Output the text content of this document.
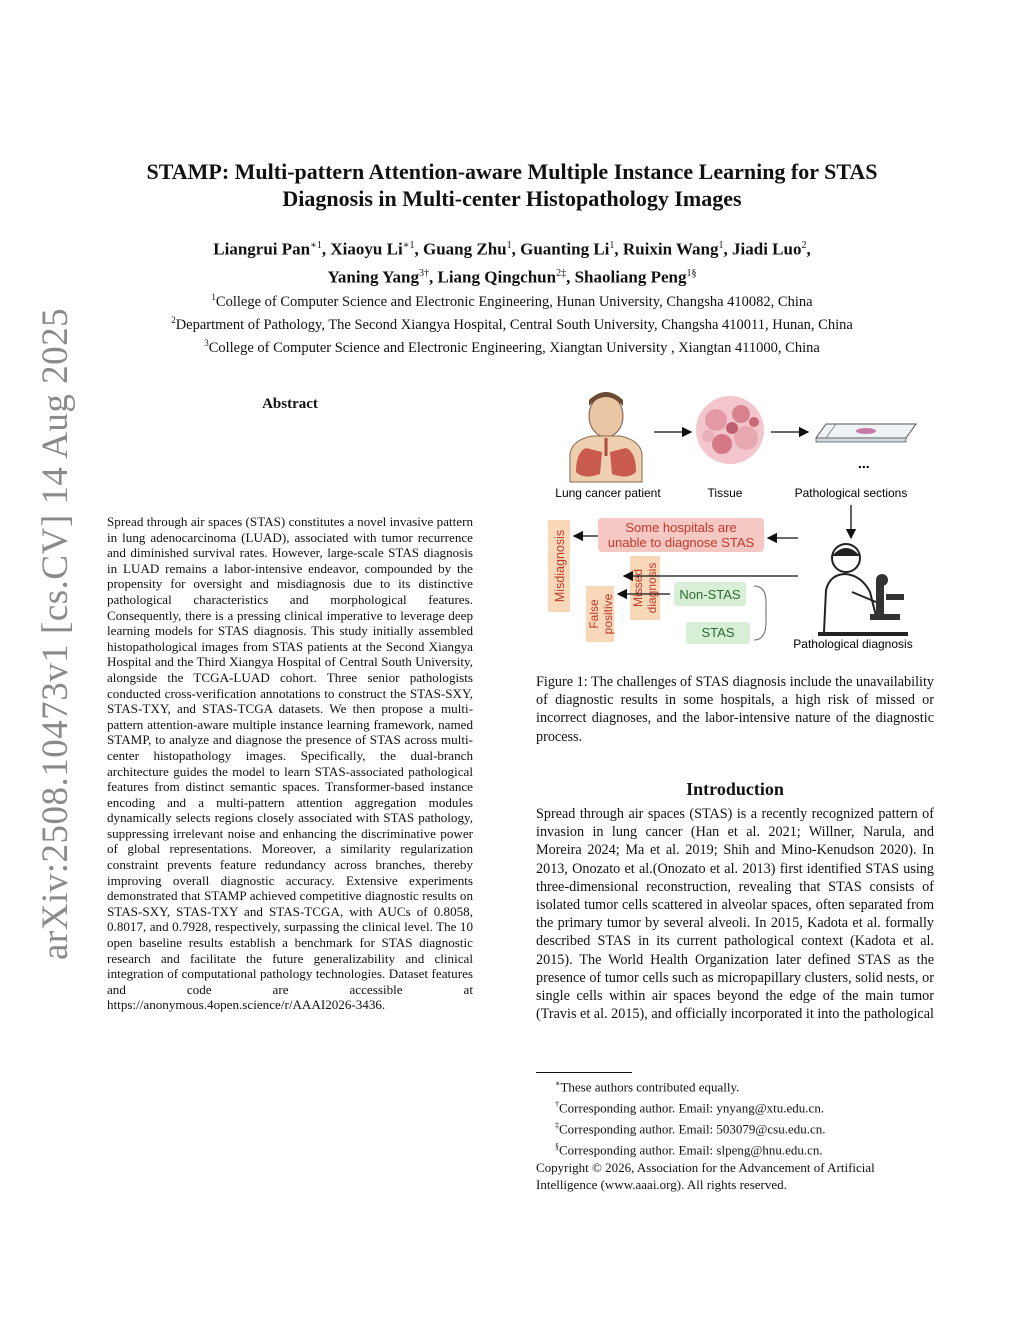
arXiv:2508.10473v1 [cs.CV] 14 Aug 2025
STAMP: Multi-pattern Attention-aware Multiple Instance Learning for STAS
Diagnosis in Multi-center Histopathology Images
Liangrui Pan$^{∗1}$, Xiaoyu $Li^{∗1}$, Guang Zhu$^1$, Guanting Li$^1$, Ruixin Wang$^1$, Jiadi Luo$^2$,
Yaning Yang$^{3\dagger}$, Liang Qingchun$^{2\ddagger}$, Shaoliang Peng$^{1\S}$
$^1$College of Computer Science and Electronic Engineering, Hunan University, Changsha 410082, China
$^2$Department of Pathology, The Second Xiangya Hospital, Central South University, Changsha 410011, Hunan, China
$^3$College of Computer Science and Electronic Engineering, Xiangtan University , Xiangtan 411000, China
Abstract
Spread through air spaces (STAS) constitutes a novel invasive pattern in lung adenocarcinoma (LUAD), associated with tumor recurrence and diminished survival rates. However, large-scale STAS diagnosis in LUAD remains a labor-intensive endeavor, compounded by the propensity for oversight and misdiagnosis due to its distinctive pathological characteristics and morphological features. Consequently, there is a pressing clinical imperative to leverage deep learning models for STAS diagnosis. This study initially assembled histopathological images from STAS patients at the Second Xiangya Hospital and the Third Xiangya Hospital of Central South University, alongside the TCGA-LUAD cohort. Three senior pathologists conducted cross-verification annotations to construct the STAS-SXY, STAS-TXY, and STAS-TCGA datasets. We then propose a multi-pattern attention-aware multiple instance learning framework, named STAMP, to analyze and diagnose the presence of STAS across multi-center histopathology images. Specifically, the dual-branch architecture guides the model to learn STAS-associated pathological features from distinct semantic spaces. Transformer-based instance encoding and a multi-pattern attention aggregation modules dynamically selects regions closely associated with STAS pathology, suppressing irrelevant noise and enhancing the discriminative power of global representations. Moreover, a similarity regularization constraint prevents feature redundancy across branches, thereby improving overall diagnostic accuracy. Extensive experiments demonstrated that STAMP achieved competitive diagnostic results on STAS-SXY, STAS-TXY and STAS-TCGA, with AUCs of 0.8058, 0.8017, and 0.7928, respectively, surpassing the clinical level. The 10 open baseline results establish a benchmark for STAS diagnostic research and facilitate the future generalizability and clinical integration of computational pathology technologies. Dataset features and code are accessible at https://anonymous.4open.science/r/AAAI2026-3436.
...
Lung cancer patient	Tissue	Pathological sections
Some hospitals are
unable to diagnose STAS
Misdiagnosis
False positive
Missed diagnosis Non-STAS
STAS
Pathological diagnosis
Figure 1: The challenges of STAS diagnosis include the unavailability of diagnostic results in some hospitals, a high risk of missed or incorrect diagnoses, and the labor-intensive nature of the diagnostic process.
Introduction
Spread through air spaces (STAS) is a recently recognized pattern of invasion in lung cancer (Han et al. 2021; Willner, Narula, and Moreira 2024; Ma et al. 2019; Shih and Mino-Kenudson 2020). In 2013, Onozato et al.(Onozato et al. 2013) first identified STAS using three-dimensional reconstruction, revealing that STAS consists of isolated tumor cells scattered in alveolar spaces, often separated from the primary tumor by several alveoli. In 2015, Kadota et al. formally described STAS in its current pathological context (Kadota et al. 2015). The World Health Organization later defined STAS as the presence of tumor cells such as micropapillary clusters, solid nests, or single cells within air spaces beyond the edge of the main tumor (Travis et al. 2015), and officially incorporated it into the pathological
∗These authors contributed equally.
†Corresponding author. Email: ynyang@xtu.edu.cn.
‡Corresponding author. Email: 503079@csu.edu.cn.
§Corresponding author. Email: slpeng@hnu.edu.cn.
Copyright © 2026, Association for the Advancement of Artificial Intelligence (www.aaai.org). All rights reserved.
